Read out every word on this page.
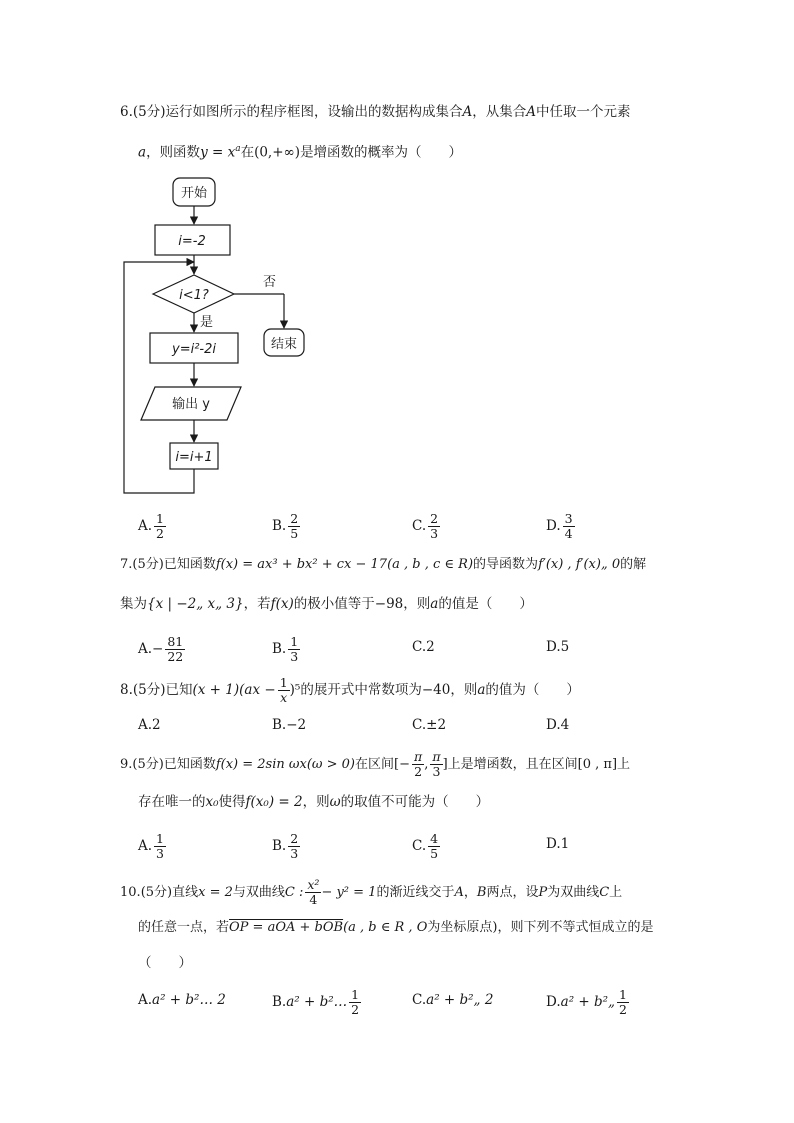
6.(5分)运行如图所示的程序框图，设输出的数据构成集合A，从集合A中任取一个元素
a，则函数$y = x^a$在(0,+∞)是增函数的概率为（　　）
开始
i=-2
i<1?
否
是
y=i²-2i
输出 y
i=i+1
结束
A. $\frac{1}{2}$	B. $\frac{2}{5}$	C. $\frac{2}{3}$	D. $\frac{3}{4}$
7.(5分)已知函数f(x) = ax³ + bx² + cx − 17(a , b , c ∈ R)的导函数为f′(x) , f′(x)„ 0的解
集为{x | −2„ x„ 3}，若f(x)的极小值等于−98，则a的值是（　　）
$A.- \frac{81}{22}$	B. $\frac{1}{3}$	C.2	D.5
8.(5分)已知$(x + 1)(ax - \frac{1}{x} )^5$的展开式中常数项为−40，则a的值为（　　）
A.2	B.−2	C.±2	D.4
9.(5分)已知函数f(x) = 2sin ωx(ω > 0)在区间[− $\frac{\pi}{2}$ , $\frac{\pi}{3}$ ]上是增函数，且在区间[0 , π]上
存在唯一的x₀使得f(x₀) = 2，则ω的取值不可能为（　　）
A. $\frac{1}{3}$	B. $\frac{2}{3}$	C. $\frac{4}{5}$	D.1
10.(5分)直线x = 2与双曲线C : $\frac{\text{x²}}{4} - y^2 = 1$的渐近线交于A，B两点，设P为双曲线C上
的任意一点，若OP = aOA + bOB(a , b ∈ R , O为坐标原点)，则下列不等式恒成立的是
（　　）
A.a² + b²… 2	B.a² + b²… $\frac{1}{2}$	C.a² + b²„ 2	D.a² + b²„ $\frac{1}{2}$
